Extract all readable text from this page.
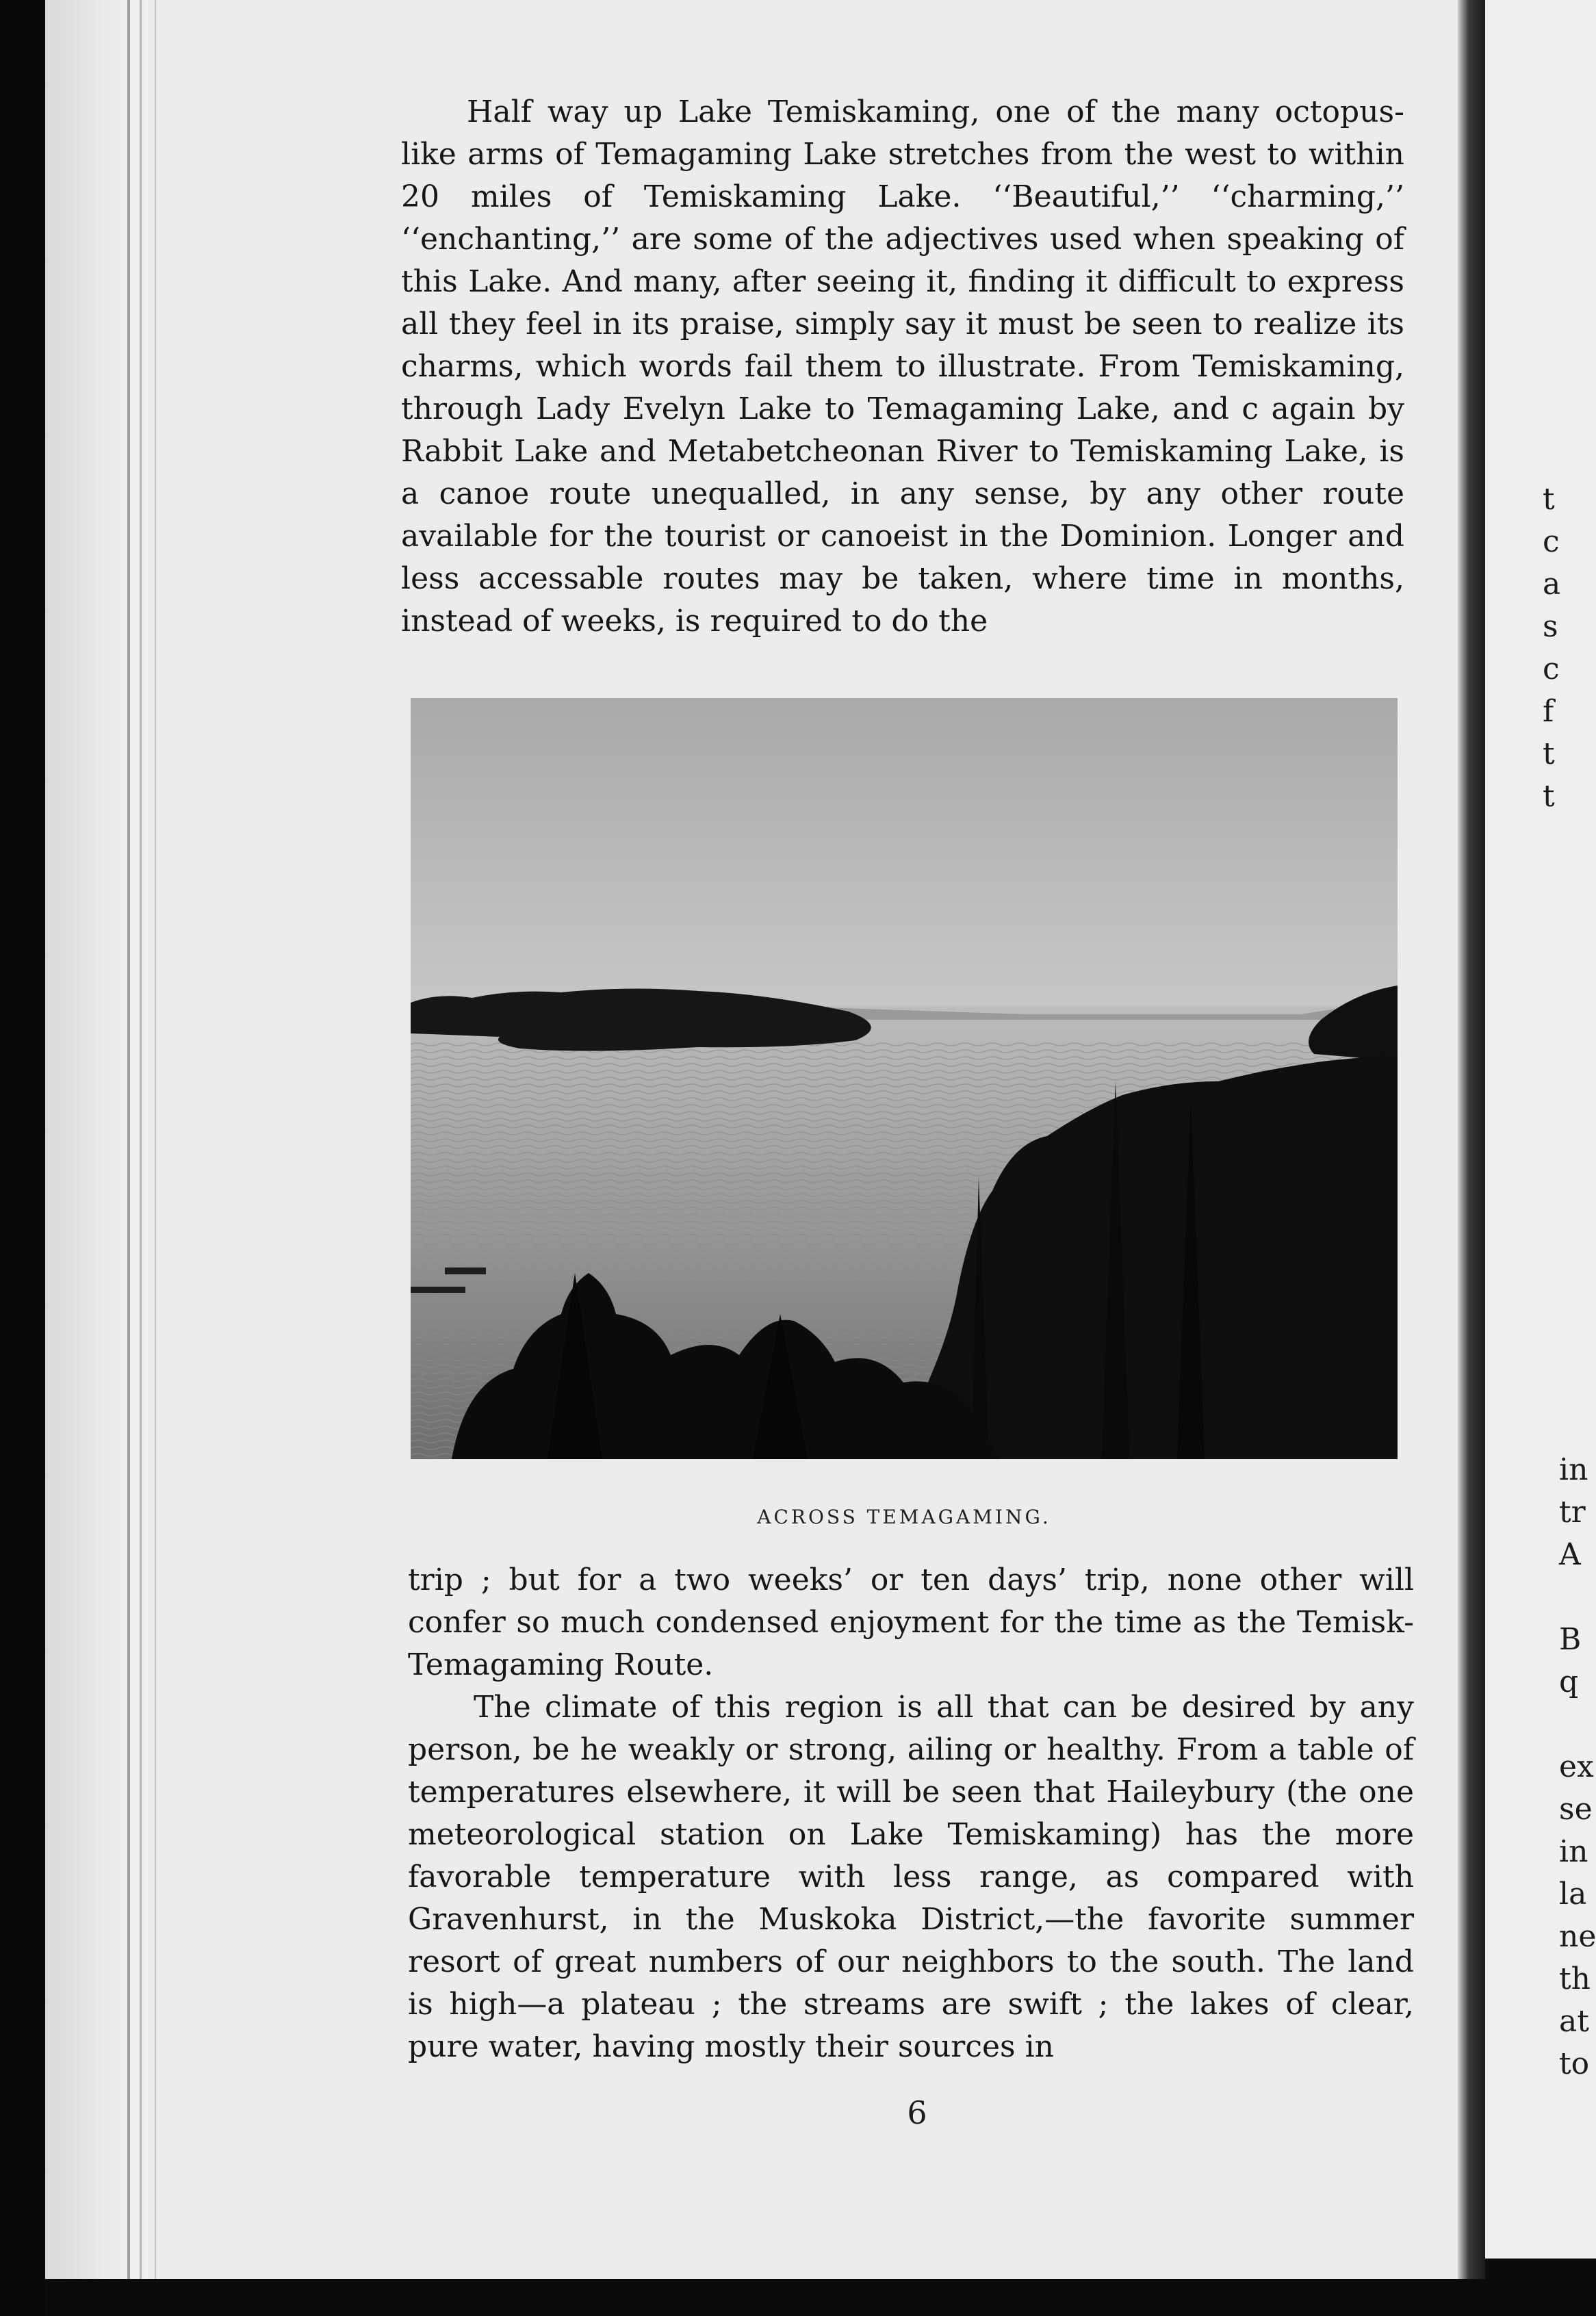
t
c
a
s
c
f
t
t
in
tr
A
B
q
ex
se
in
la
ne
th
at
to

Half way up Lake Temiskaming, one of the many octopus-like arms of Temagaming Lake stretches from the west to within 20 miles of Temiskaming Lake. ‘‘Beautiful,’’ ‘‘charming,’’ ‘‘enchanting,’’ are some of the adjectives used when speaking of this Lake. And many, after seeing it, finding it difficult to express all they feel in its praise, simply say it must be seen to realize its charms, which words fail them to illustrate. From Temiskaming, through Lady Evelyn Lake to Temagaming Lake, and c again by Rabbit Lake and Metabetcheonan River to Temiskaming Lake, is a canoe route unequalled, in any sense, by any other route available for the tourist or canoeist in the Dominion. Longer and less accessable routes may be taken, where time in months, instead of weeks, is required to do the

ACROSS TEMAGAMING.

trip ; but for a two weeks’ or ten days’ trip, none other will confer so much condensed enjoyment for the time as the Temisk-Temagaming Route.

The climate of this region is all that can be desired by any person, be he weakly or strong, ailing or healthy. From a table of temperatures elsewhere, it will be seen that Haileybury (the one meteorological station on Lake Temiskaming) has the more favorable temperature with less range, as compared with Gravenhurst, in the Muskoka District,—the favorite summer resort of great numbers of our neighbors to the south. The land is high—a plateau ; the streams are swift ; the lakes of clear, pure water, having mostly their sources in

6
